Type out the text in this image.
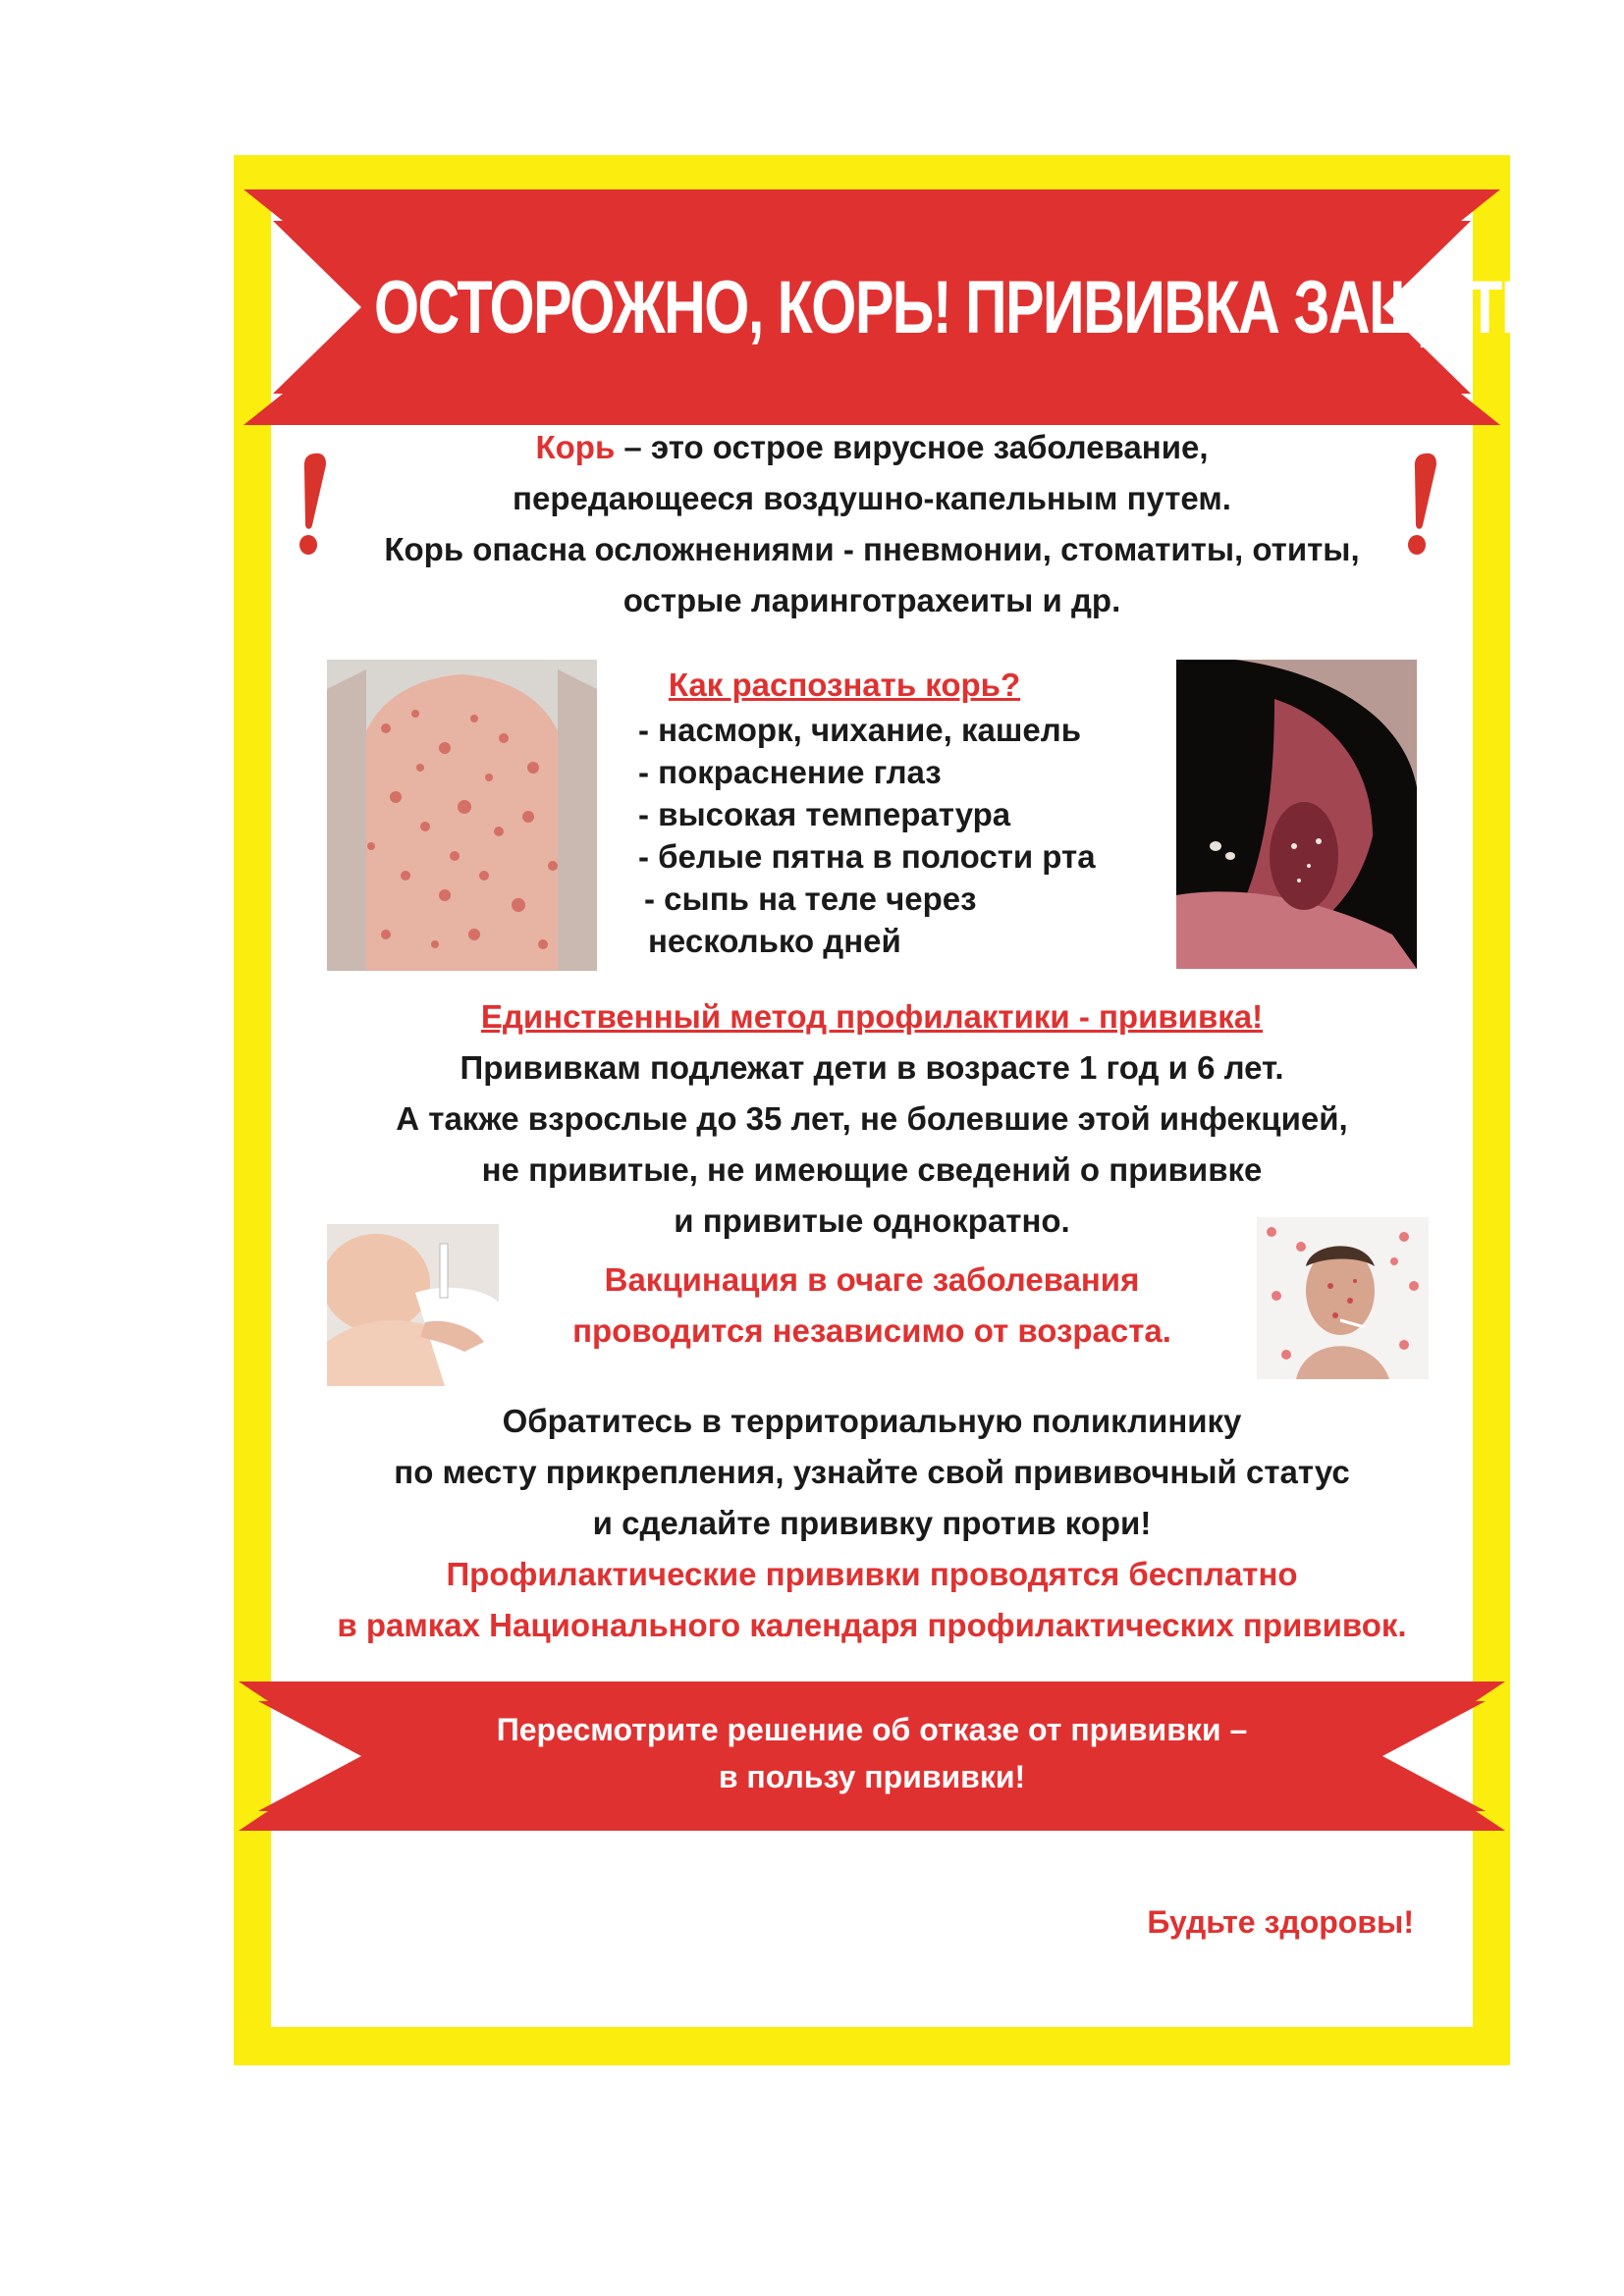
ОСТОРОЖНО, КОРЬ! ПРИВИВКА ЗАЩИТИТ!
Корь – это острое вирусное заболевание,
передающееся воздушно-капельным путем.
Корь опасна осложнениями - пневмонии, стоматиты, отиты,
острые ларинготрахеиты и др.
Как распознать корь?
- насморк, чихание, кашель
- покраснение глаз
- высокая температура
- белые пятна в полости рта
- сыпь на теле через
несколько дней
Единственный метод профилактики - прививка!
Прививкам подлежат дети в возрасте 1 год и 6 лет.
А также взрослые до 35 лет, не болевшие этой инфекцией,
не привитые, не имеющие сведений о прививке
и привитые однократно.
Вакцинация в очаге заболевания
проводится независимо от возраста.
Обратитесь в территориальную поликлинику
по месту прикрепления, узнайте свой прививочный статус
и сделайте прививку против кори!
Профилактические прививки проводятся бесплатно
в рамках Национального календаря профилактических прививок.
Пересмотрите решение об отказе от прививки –
в пользу прививки!
Будьте здоровы!
